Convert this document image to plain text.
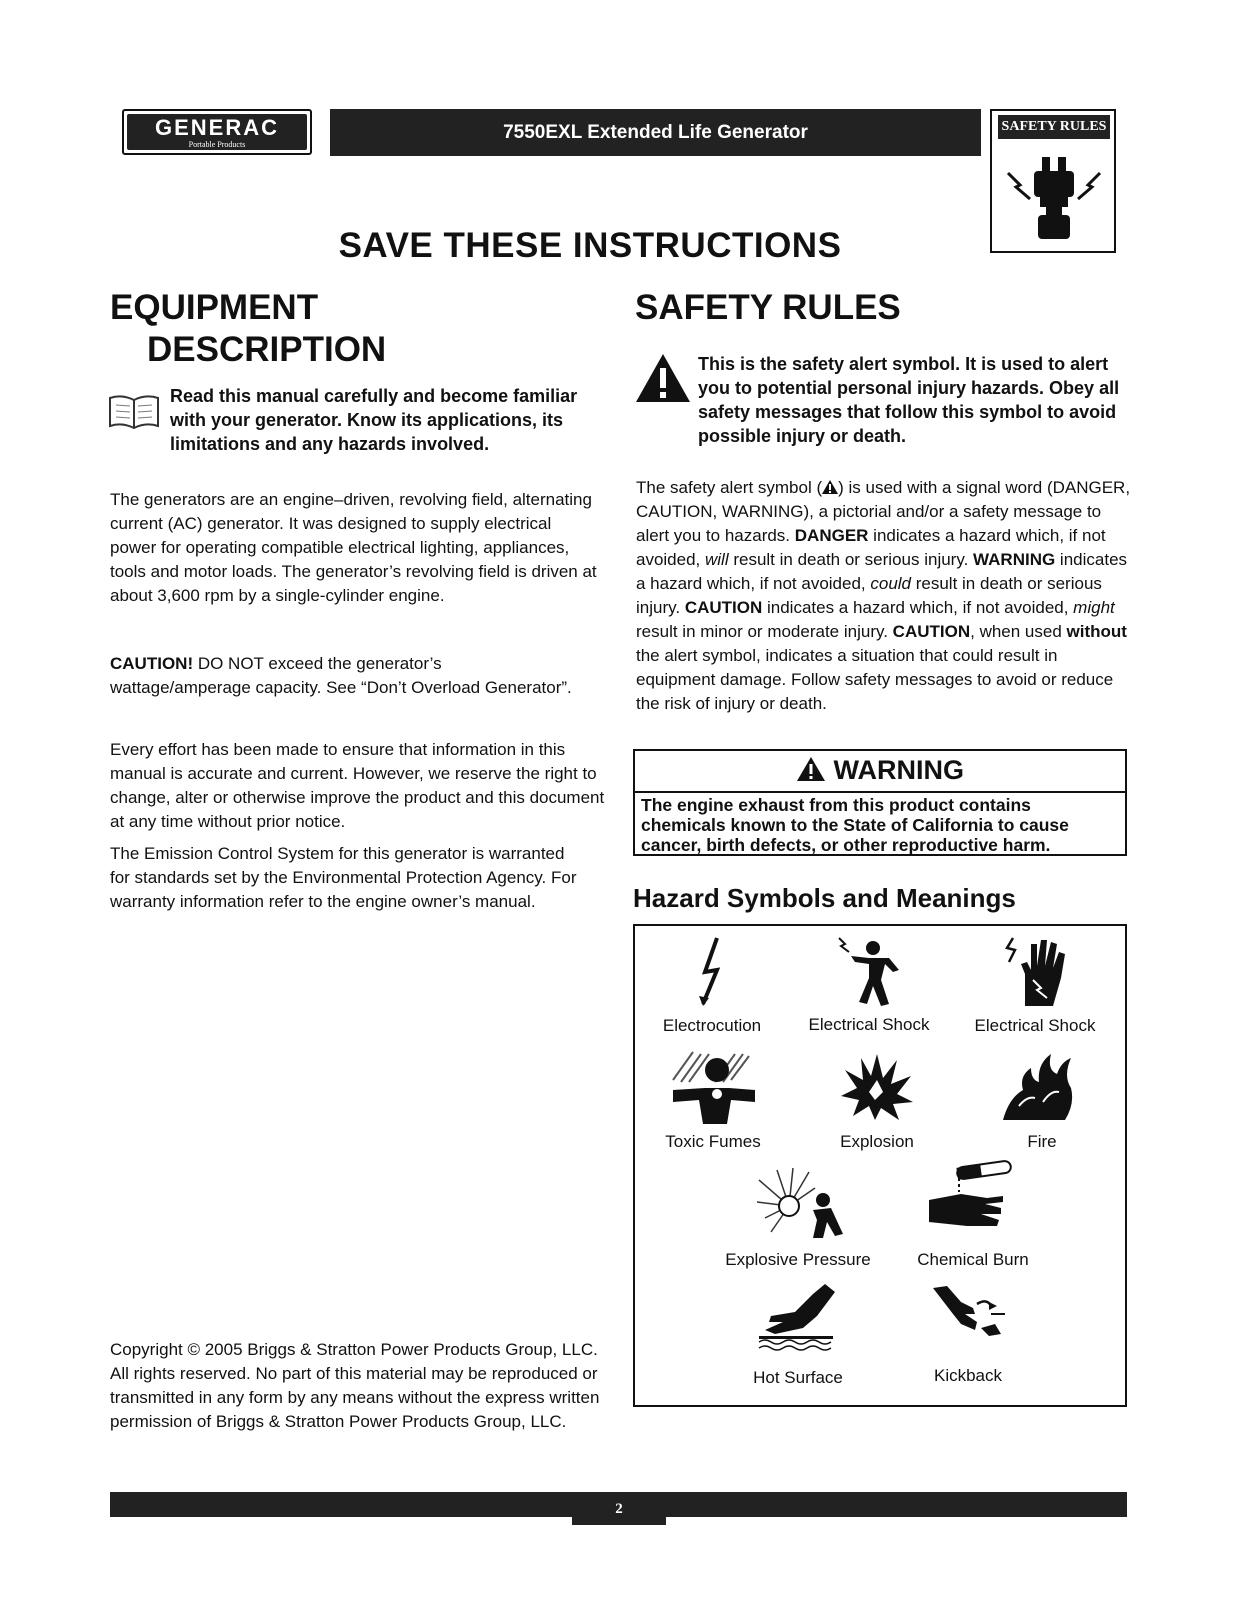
GENERAC
Portable Products
7550EXL Extended Life Generator	SAFETY RULES
SAVE THESE INSTRUCTIONS
EQUIPMENT
DESCRIPTION
Read this manual carefully and become familiar with your generator. Know its applications, its limitations and any hazards involved.
The generators are an engine–driven, revolving field, alternating current (AC) generator. It was designed to supply electrical power for operating compatible electrical lighting, appliances, tools and motor loads. The generator’s revolving field is driven at about 3,600 rpm by a single-cylinder engine.
CAUTION! DO NOT exceed the generator’s wattage/amperage capacity. See “Don’t Overload Generator”.
Every effort has been made to ensure that information in this manual is accurate and current. However, we reserve the right to change, alter or otherwise improve the product and this document at any time without prior notice.
The Emission Control System for this generator is warranted for standards set by the Environmental Protection Agency. For warranty information refer to the engine owner’s manual.
Copyright © 2005 Briggs & Stratton Power Products Group, LLC. All rights reserved. No part of this material may be reproduced or transmitted in any form by any means without the express written permission of Briggs & Stratton Power Products Group, LLC.
SAFETY RULES
This is the safety alert symbol. It is used to alert you to potential personal injury hazards. Obey all safety messages that follow this symbol to avoid possible injury or death.
The safety alert symbol ( ) is used with a signal word (DANGER, CAUTION, WARNING), a pictorial and/or a safety message to alert you to hazards. DANGER indicates a hazard which, if not avoided, will result in death or serious injury. WARNING indicates a hazard which, if not avoided, could result in death or serious injury. CAUTION indicates a hazard which, if not avoided, might result in minor or moderate injury. CAUTION, when used without the alert symbol, indicates a situation that could result in equipment damage. Follow safety messages to avoid or reduce the risk of injury or death.
WARNING
The engine exhaust from this product contains chemicals known to the State of California to cause cancer, birth defects, or other reproductive harm.
Hazard Symbols and Meanings
Electrocution	Electrical Shock	Electrical Shock
Toxic Fumes	Explosion	Fire
Explosive Pressure	Chemical Burn
Hot Surface	Kickback
2
